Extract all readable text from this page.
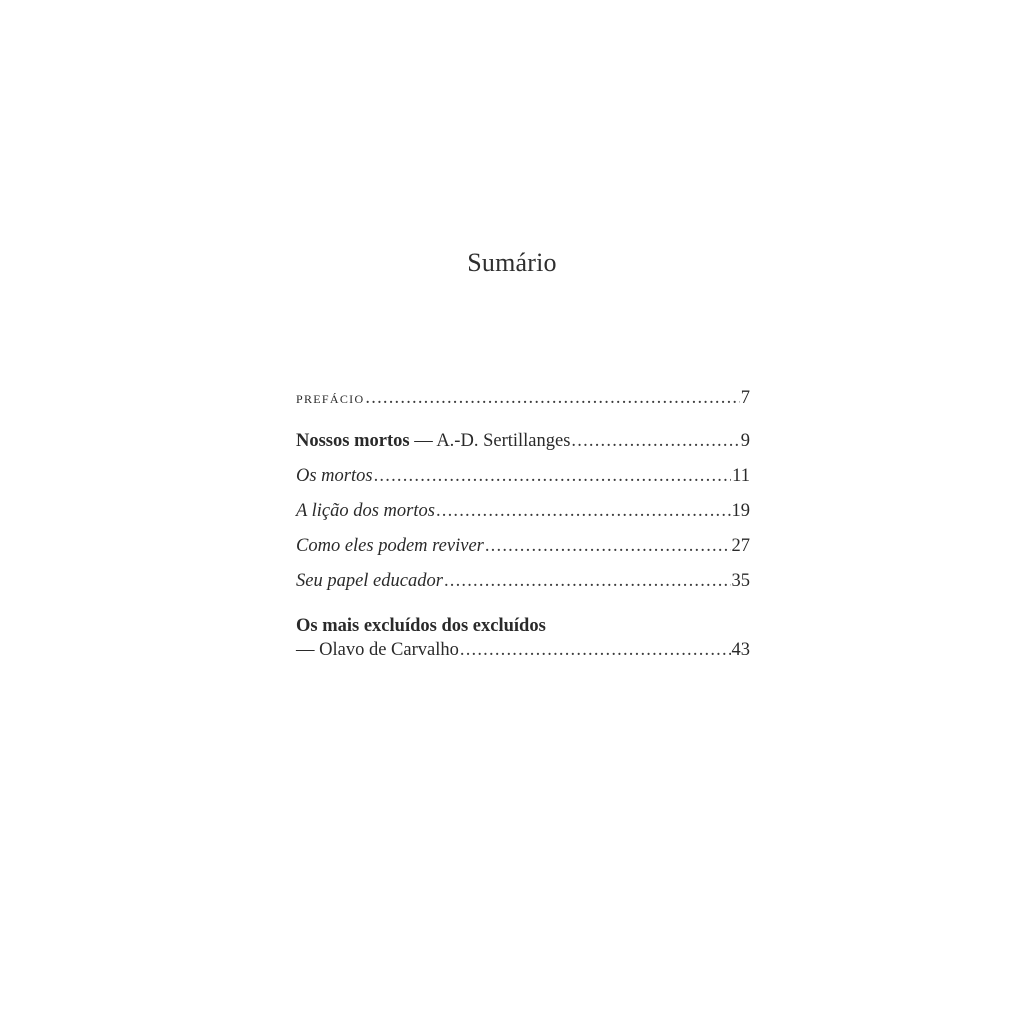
Sumário
prefácio .....	7
Nossos mortos — A.-D. Sertillanges .....	9
Os mortos .....	11
A lição dos mortos .....	19
Como eles podem reviver .....	27
Seu papel educador .....	35
Os mais excluídos dos excluídos
— Olavo de Carvalho .....	43
